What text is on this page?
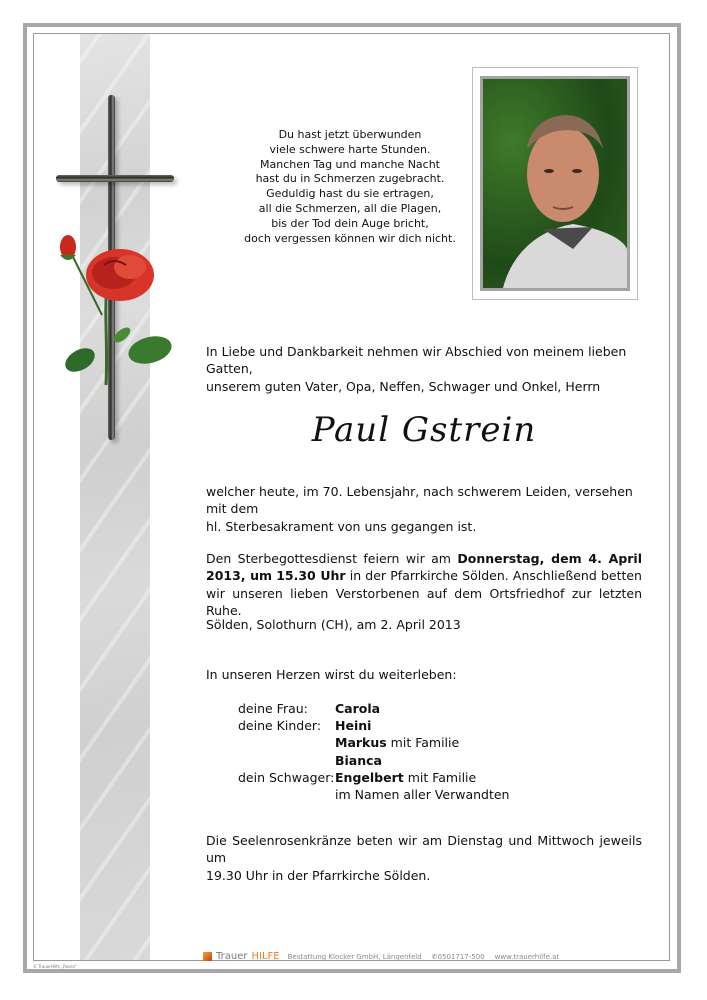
Du hast jetzt überwunden
viele schwere harte Stunden.
Manchen Tag und manche Nacht
hast du in Schmerzen zugebracht.
Geduldig hast du sie ertragen,
all die Schmerzen, all die Plagen,
bis der Tod dein Auge bricht,
doch vergessen können wir dich nicht.
In Liebe und Dankbarkeit nehmen wir Abschied von meinem lieben Gatten,
unserem guten Vater, Opa, Neffen, Schwager und Onkel, Herrn
Paul Gstrein
welcher heute, im 70. Lebensjahr, nach schwerem Leiden, versehen mit dem
hl. Sterbesakrament von uns gegangen ist.
Den Sterbegottesdienst feiern wir am Donnerstag, dem 4. April 2013, um 15.30 Uhr in der Pfarrkirche Sölden. Anschließend betten wir unseren lieben Verstorbenen auf dem Ortsfriedhof zur letzten Ruhe.
Sölden, Solothurn (CH), am 2. April 2013
In unseren Herzen wirst du weiterleben:
deine Frau:	Carola
deine Kinder:	Heini
Markus mit Familie
Bianca
dein Schwager: Engelbert mit Familie
im Namen aller Verwandten
Die Seelenrosenkränze beten wir am Dienstag und Mittwoch jeweils um
19.30 Uhr in der Pfarrkirche Sölden.
Trauer HILFE Bestattung Klocker GmbH, Längenfeld ✆0501717-500 www.trauerhilfe.at
© TrauerHilfe „Rosen"
